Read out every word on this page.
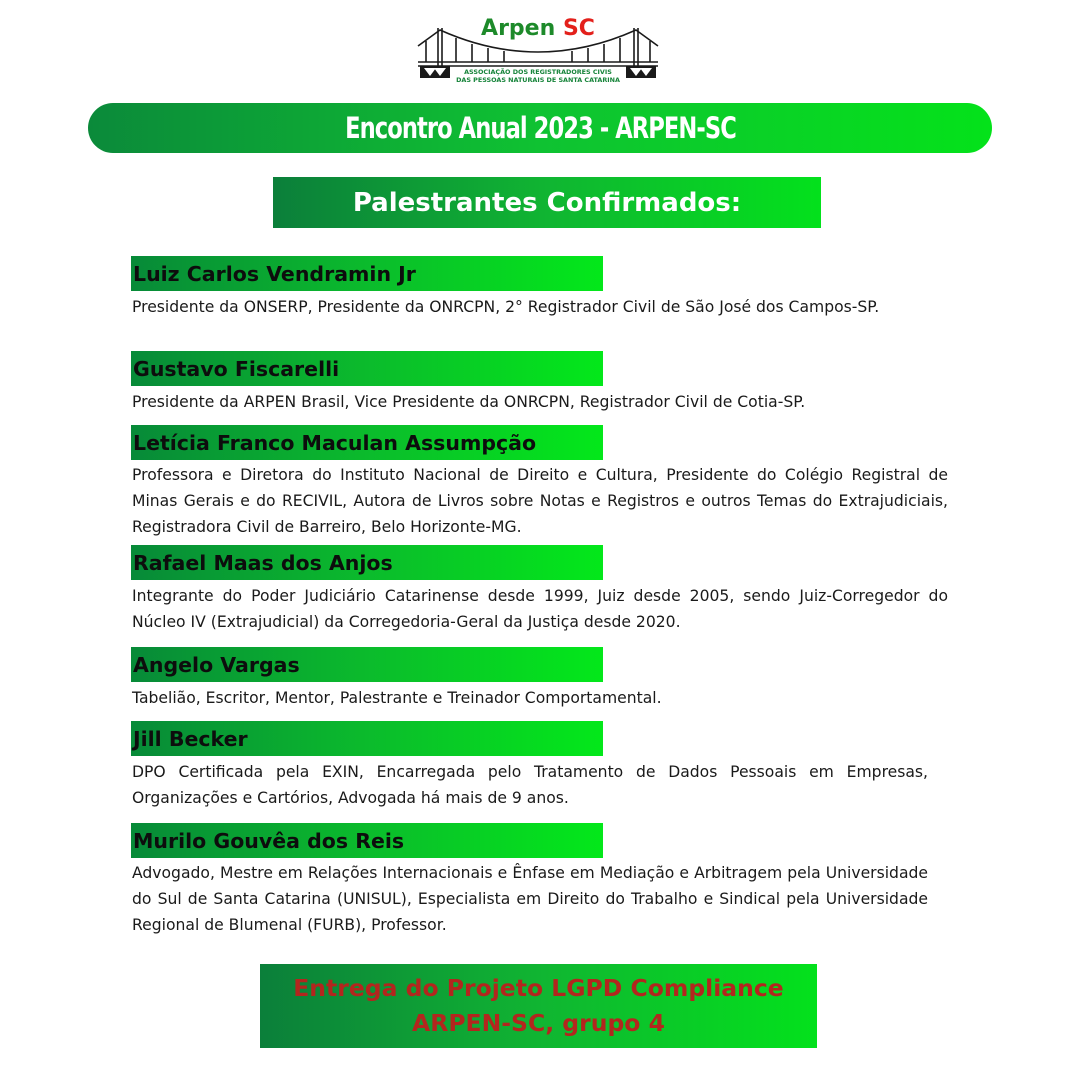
Arpen SC
ASSOCIAÇÃO DOS REGISTRADORES CIVIS
DAS PESSOAS NATURAIS DE SANTA CATARINA
Encontro Anual 2023 - ARPEN-SC
Palestrantes Confirmados:
Luiz Carlos Vendramin Jr
Presidente da ONSERP, Presidente da ONRCPN, 2° Registrador Civil de São José dos Campos-SP.
Gustavo Fiscarelli
Presidente da ARPEN Brasil, Vice Presidente da ONRCPN, Registrador Civil de Cotia-SP.
Letícia Franco Maculan Assumpção
Professora e Diretora do Instituto Nacional de Direito e Cultura, Presidente do Colégio Registral de Minas Gerais e do RECIVIL, Autora de Livros sobre Notas e Registros e outros Temas do Extrajudiciais, Registradora Civil de Barreiro, Belo Horizonte-MG.
Rafael Maas dos Anjos
Integrante do Poder Judiciário Catarinense desde 1999, Juiz desde 2005, sendo Juiz-Corregedor do Núcleo IV (Extrajudicial) da Corregedoria-Geral da Justiça desde 2020.
Angelo Vargas
Tabelião, Escritor, Mentor, Palestrante e Treinador Comportamental.
Jill Becker
DPO Certificada pela EXIN, Encarregada pelo Tratamento de Dados Pessoais em Empresas, Organizações e Cartórios, Advogada há mais de 9 anos.
Murilo Gouvêa dos Reis
Advogado, Mestre em Relações Internacionais e Ênfase em Mediação e Arbitragem pela Universidade do Sul de Santa Catarina (UNISUL), Especialista em Direito do Trabalho e Sindical pela Universidade Regional de Blumenal (FURB), Professor.
Entrega do Projeto LGPD Compliance
ARPEN-SC, grupo 4
